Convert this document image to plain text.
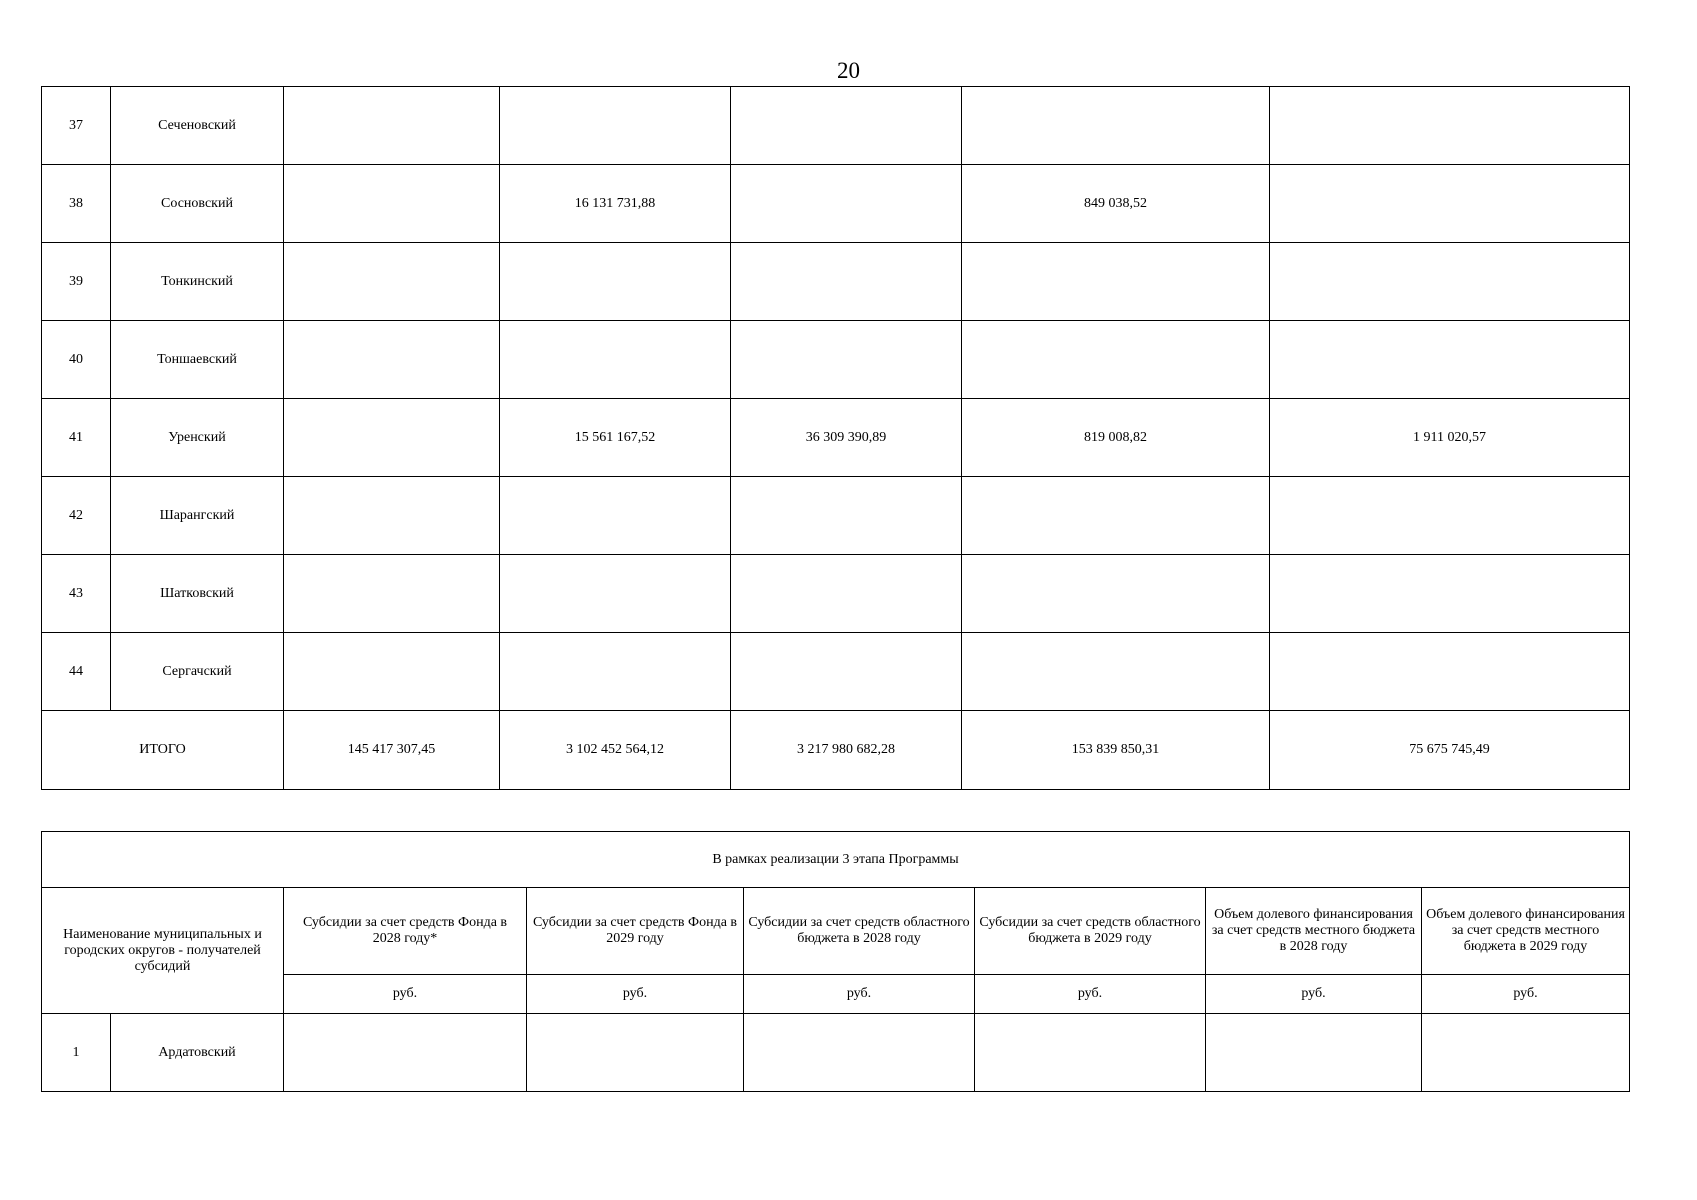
20
37	Сеченовский					
38	Сосновский		16 131 731,88		849 038,52	
39	Тонкинский					
40	Тоншаевский					
41	Уренский		15 561 167,52	36 309 390,89	819 008,82	1 911 020,57
42	Шарангский					
43	Шатковский					
44	Сергачский					
ИТОГО		145 417 307,45	3 102 452 564,12	3 217 980 682,28	153 839 850,31	75 675 745,49
В рамках реализации 3 этапа Программы							
Наименование муниципальных и городских округов - получателей субсидий		Субсидии за счет средств Фонда в 2028 году*	Субсидии за счет средств Фонда в 2029 году	Субсидии за счет средств областного бюджета в 2028 году	Субсидии за счет средств областного бюджета в 2029 году	Объем долевого финансирования за счет средств местного бюджета в 2028 году	Объем долевого финансирования за счет средств местного бюджета в 2029 году
		руб.	руб.	руб.	руб.	руб.	руб.
1	Ардатовский						
